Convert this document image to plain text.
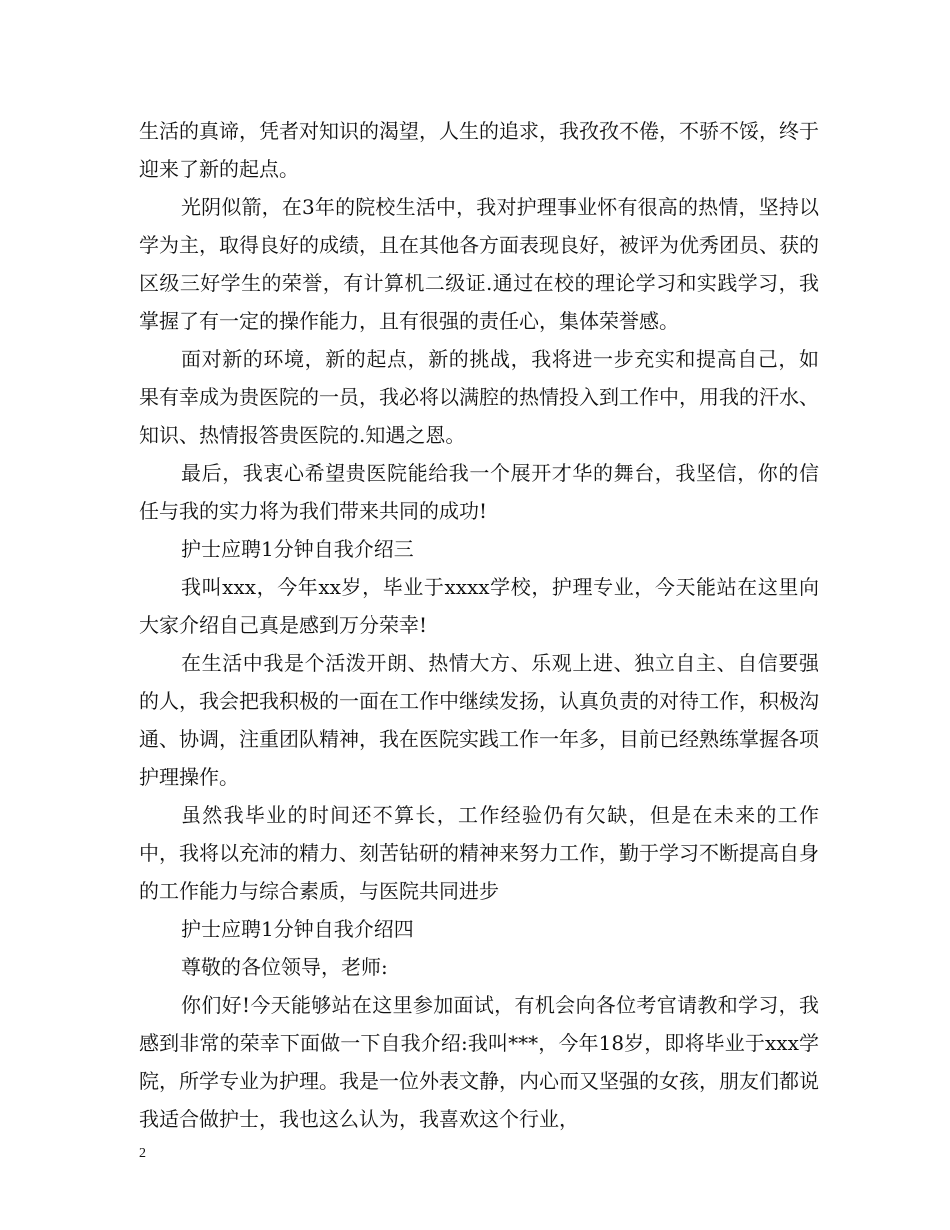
生活的真谛，凭者对知识的渴望，人生的追求，我孜孜不倦，不骄不馁，终于迎来了新的起点。

光阴似箭，在3年的院校生活中，我对护理事业怀有很高的热情，坚持以学为主，取得良好的成绩，且在其他各方面表现良好，被评为优秀团员、获的区级三好学生的荣誉，有计算机二级证.通过在校的理论学习和实践学习，我掌握了有一定的操作能力，且有很强的责任心，集体荣誉感。

面对新的环境，新的起点，新的挑战，我将进一步充实和提高自己，如果有幸成为贵医院的一员，我必将以满腔的热情投入到工作中，用我的汗水、知识、热情报答贵医院的.知遇之恩。

最后，我衷心希望贵医院能给我一个展开才华的舞台，我坚信，你的信任与我的实力将为我们带来共同的成功!

护士应聘1分钟自我介绍三

我叫xxx，今年xx岁，毕业于xxxx学校，护理专业，今天能站在这里向大家介绍自己真是感到万分荣幸!

在生活中我是个活泼开朗、热情大方、乐观上进、独立自主、自信要强的人，我会把我积极的一面在工作中继续发扬，认真负责的对待工作，积极沟通、协调，注重团队精神，我在医院实践工作一年多，目前已经熟练掌握各项护理操作。

虽然我毕业的时间还不算长，工作经验仍有欠缺，但是在未来的工作中，我将以充沛的精力、刻苦钻研的精神来努力工作，勤于学习不断提高自身的工作能力与综合素质，与医院共同进步

护士应聘1分钟自我介绍四

尊敬的各位领导，老师:

你们好!今天能够站在这里参加面试，有机会向各位考官请教和学习，我感到非常的荣幸下面做一下自我介绍:我叫***，今年18岁，即将毕业于xxx学院，所学专业为护理。我是一位外表文静，内心而又坚强的女孩，朋友们都说我适合做护士，我也这么认为，我喜欢这个行业，

2
